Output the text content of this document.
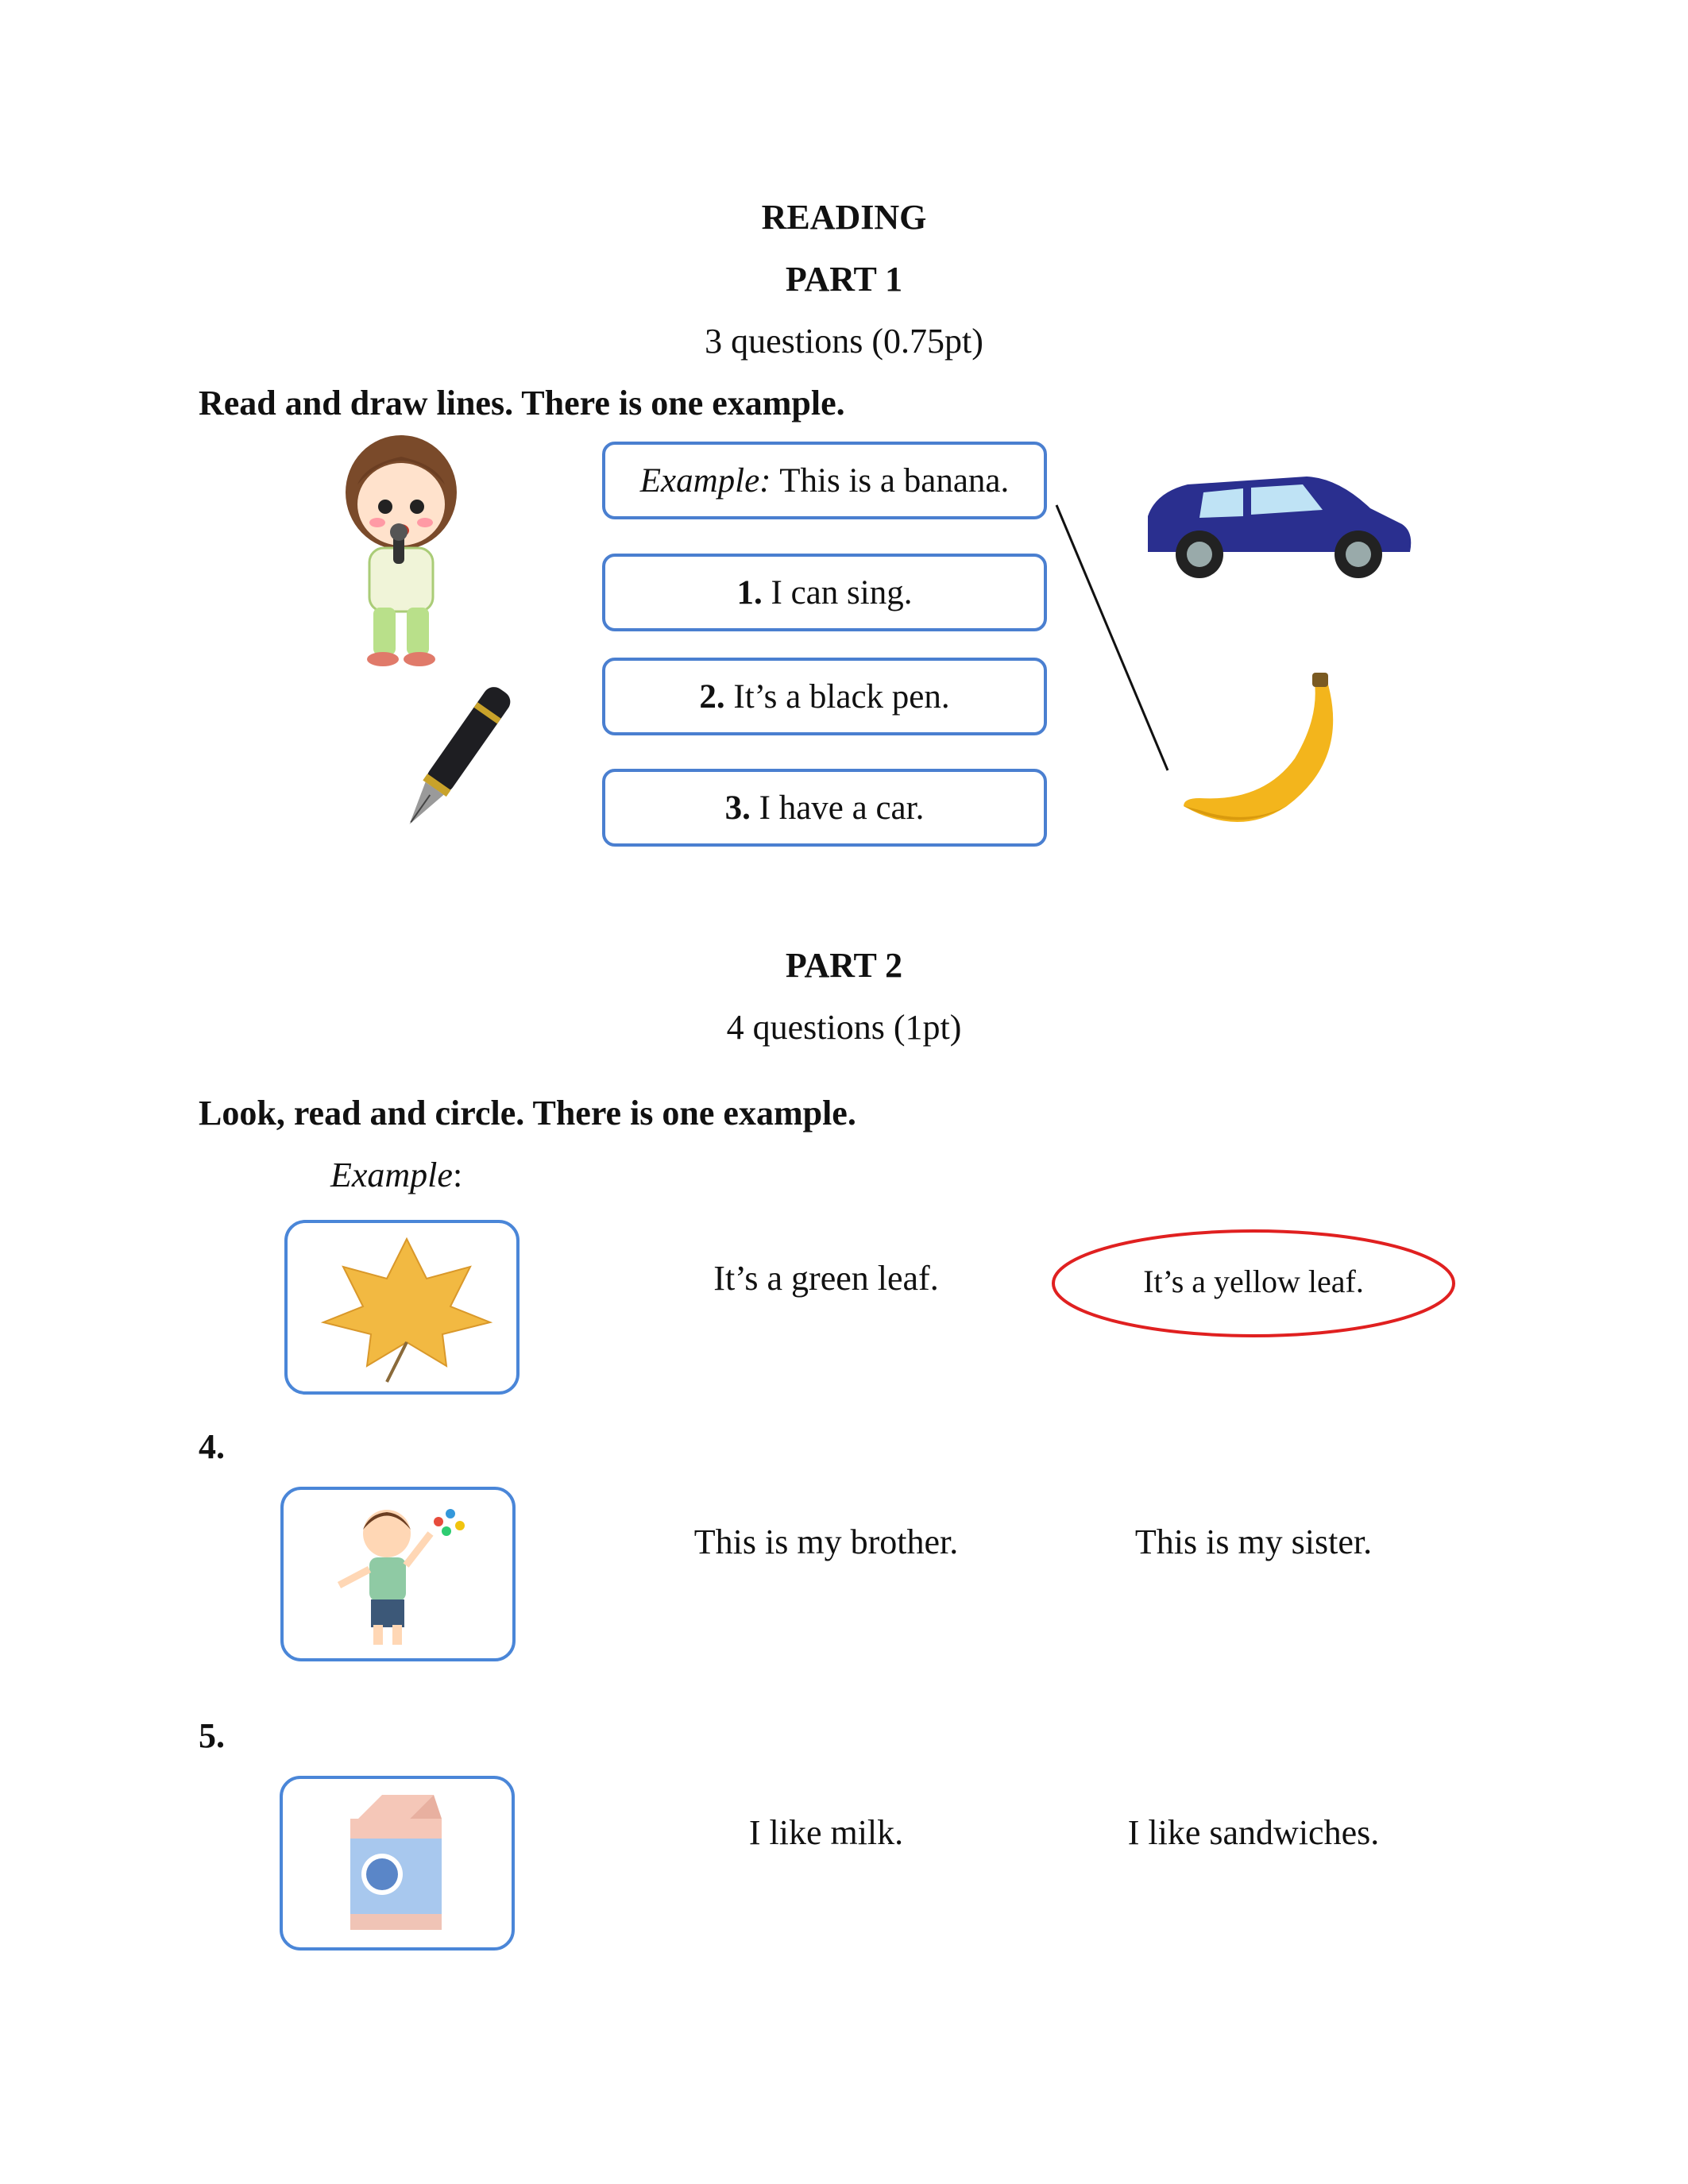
READING
PART 1
3 questions (0.75pt)
Read and draw lines. There is one example.
Example:
This is a banana.
1.
I can sing.
2.
It’s a black pen.
3.
I have a car.
PART 2
4 questions (1pt)
Look, read and circle. There is one example.
Example:
It’s a green leaf.	It’s a yellow leaf.
4.
This is my brother.	This is my sister.
5.
I like milk.	I like sandwiches.
